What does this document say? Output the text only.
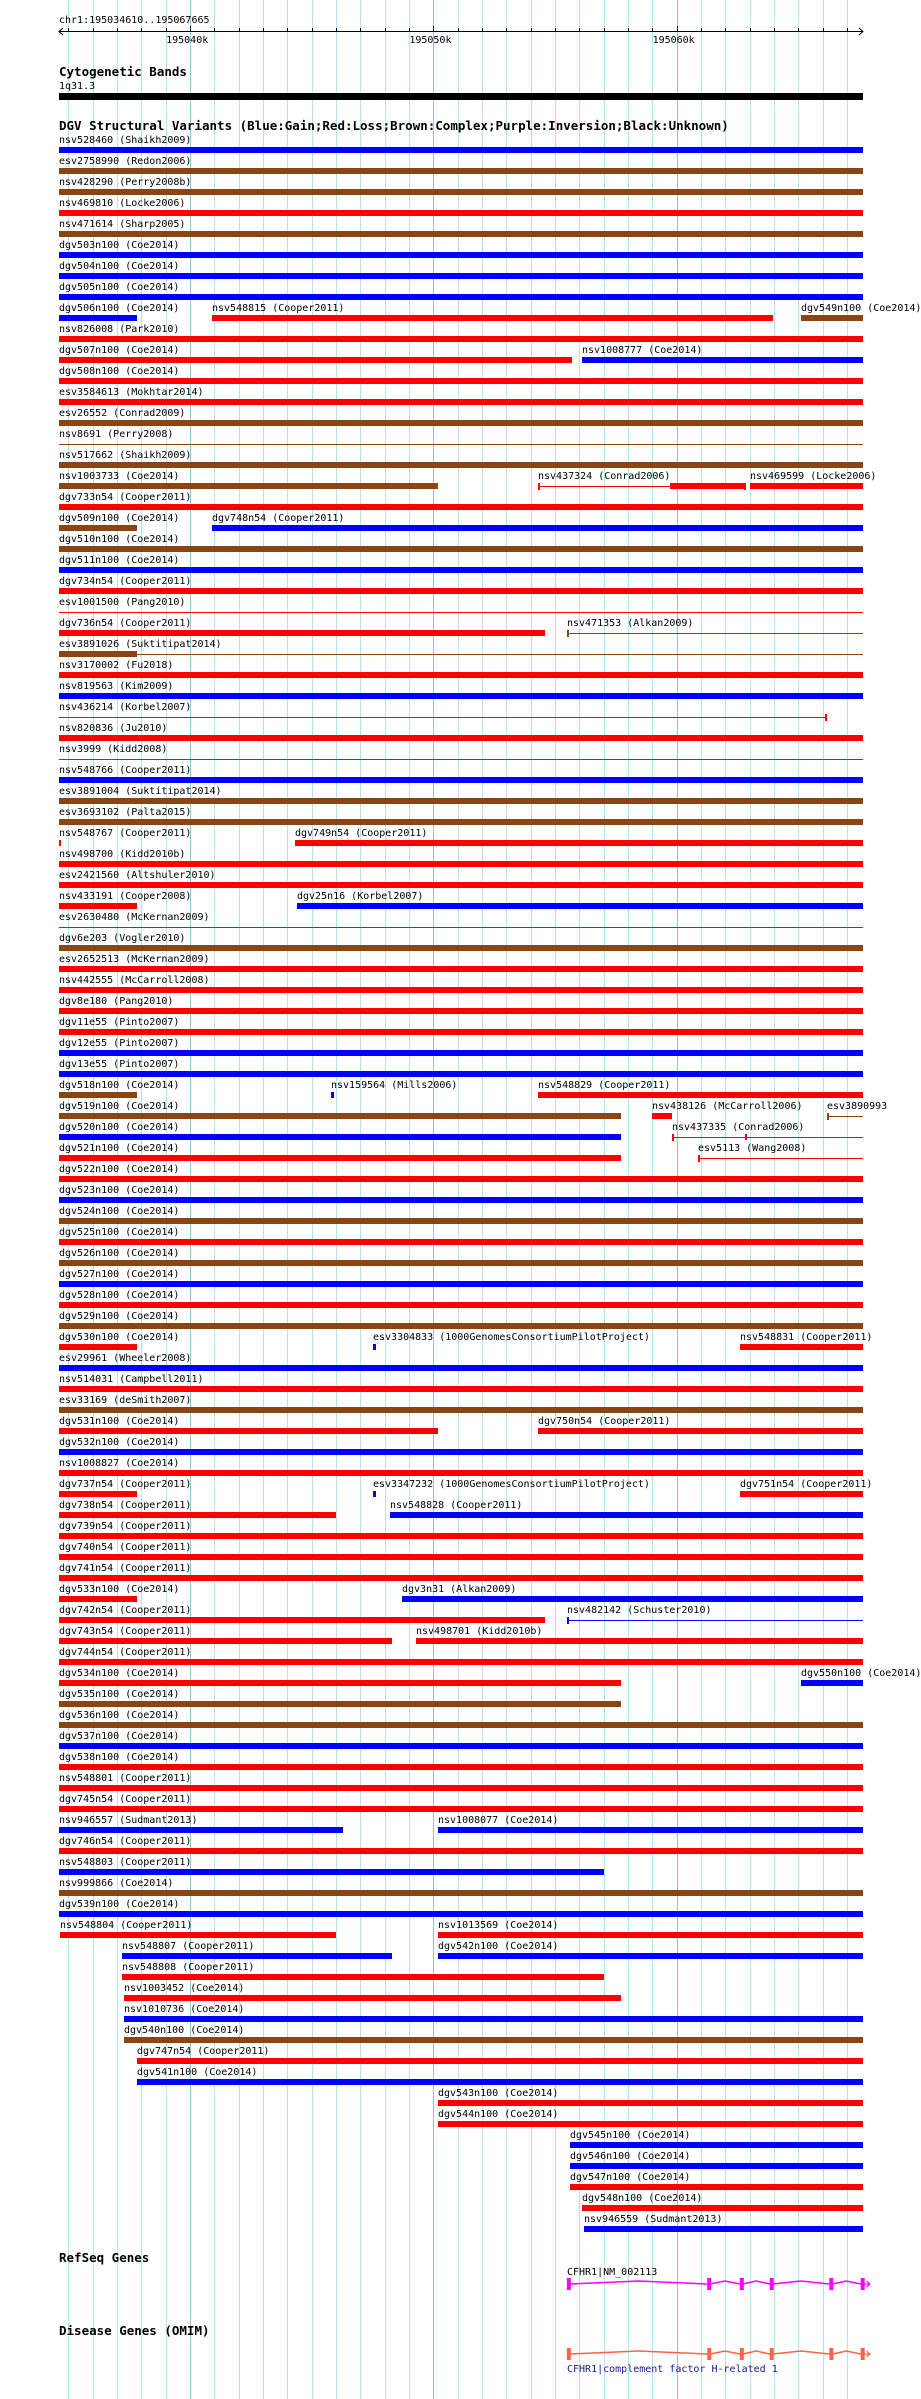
chr1:195034610..195067665
195040k	195050k	195060k
Cytogenetic Bands
1q31.3
DGV Structural Variants (Blue:Gain;Red:Loss;Brown:Complex;Purple:Inversion;Black:Unknown)
nsv528460 (Shaikh2009)
esv2758990 (Redon2006)
nsv428290 (Perry2008b)
nsv469810 (Locke2006)
nsv471614 (Sharp2005)
dgv503n100 (Coe2014)
dgv504n100 (Coe2014)
dgv505n100 (Coe2014)
dgv506n100 (Coe2014)	nsv548815 (Cooper2011)	dgv549n100 (Coe2014)
nsv826008 (Park2010)
dgv507n100 (Coe2014)	nsv1008777 (Coe2014)
dgv508n100 (Coe2014)
esv3584613 (Mokhtar2014)
esv26552 (Conrad2009)
nsv8691 (Perry2008)
nsv517662 (Shaikh2009)
nsv1003733 (Coe2014)	nsv437324 (Conrad2006)	nsv469599 (Locke2006)
dgv733n54 (Cooper2011)
dgv509n100 (Coe2014)	dgv748n54 (Cooper2011)
dgv510n100 (Coe2014)
dgv511n100 (Coe2014)
dgv734n54 (Cooper2011)
esv1001500 (Pang2010)
dgv736n54 (Cooper2011)	nsv471353 (Alkan2009)
esv3891026 (Suktitipat2014)
nsv3170002 (Fu2018)
nsv819563 (Kim2009)
nsv436214 (Korbel2007)
nsv820836 (Ju2010)
nsv3999 (Kidd2008)
nsv548766 (Cooper2011)
esv3891004 (Suktitipat2014)
esv3693102 (Palta2015)
nsv548767 (Cooper2011)	dgv749n54 (Cooper2011)
nsv498700 (Kidd2010b)
esv2421560 (Altshuler2010)
nsv433191 (Cooper2008)	dgv25n16 (Korbel2007)
esv2630480 (McKernan2009)
dgv6e203 (Vogler2010)
esv2652513 (McKernan2009)
nsv442555 (McCarroll2008)
dgv8e180 (Pang2010)
dgv11e55 (Pinto2007)
dgv12e55 (Pinto2007)
dgv13e55 (Pinto2007)
dgv518n100 (Coe2014)	nsv159564 (Mills2006)	nsv548829 (Cooper2011)
dgv519n100 (Coe2014)	nsv438126 (McCarroll2006) esv3890993
dgv520n100 (Coe2014)	nsv437335 (Conrad2006)
dgv521n100 (Coe2014)	esv5113 (Wang2008)
dgv522n100 (Coe2014)
dgv523n100 (Coe2014)
dgv524n100 (Coe2014)
dgv525n100 (Coe2014)
dgv526n100 (Coe2014)
dgv527n100 (Coe2014)
dgv528n100 (Coe2014)
dgv529n100 (Coe2014)
dgv530n100 (Coe2014)	esv3304833 (1000GenomesConsortiumPilotProject)	nsv548831 (Cooper2011)
esv29961 (Wheeler2008)
nsv514031 (Campbell2011)
esv33169 (deSmith2007)
dgv531n100 (Coe2014)	dgv750n54 (Cooper2011)
dgv532n100 (Coe2014)
nsv1008827 (Coe2014)
dgv737n54 (Cooper2011)	esv3347232 (1000GenomesConsortiumPilotProject)	dgv751n54 (Cooper2011)
dgv738n54 (Cooper2011)	nsv548828 (Cooper2011)
dgv739n54 (Cooper2011)
dgv740n54 (Cooper2011)
dgv741n54 (Cooper2011)
dgv533n100 (Coe2014)	dgv3n31 (Alkan2009)
dgv742n54 (Cooper2011)	nsv482142 (Schuster2010)
dgv743n54 (Cooper2011)	nsv498701 (Kidd2010b)
dgv744n54 (Cooper2011)
dgv534n100 (Coe2014)	dgv550n100 (Coe2014)
dgv535n100 (Coe2014)
dgv536n100 (Coe2014)
dgv537n100 (Coe2014)
dgv538n100 (Coe2014)
nsv548801 (Cooper2011)
dgv745n54 (Cooper2011)
nsv946557 (Sudmant2013)	nsv1008077 (Coe2014)
dgv746n54 (Cooper2011)
nsv548803 (Cooper2011)
nsv999866 (Coe2014)
dgv539n100 (Coe2014)
nsv548804 (Cooper2011)	nsv1013569 (Coe2014)
nsv548807 (Cooper2011)	dgv542n100 (Coe2014)
nsv548808 (Cooper2011)
nsv1003452 (Coe2014)
nsv1010736 (Coe2014)
dgv540n100 (Coe2014)
dgv747n54 (Cooper2011)
dgv541n100 (Coe2014)
dgv543n100 (Coe2014)
dgv544n100 (Coe2014)
dgv545n100 (Coe2014)
dgv546n100 (Coe2014)
dgv547n100 (Coe2014)
dgv548n100 (Coe2014)
nsv946559 (Sudmant2013)
RefSeq Genes
CFHR1|NM_002113
Disease Genes (OMIM)
CFHR1|complement factor H-related 1
